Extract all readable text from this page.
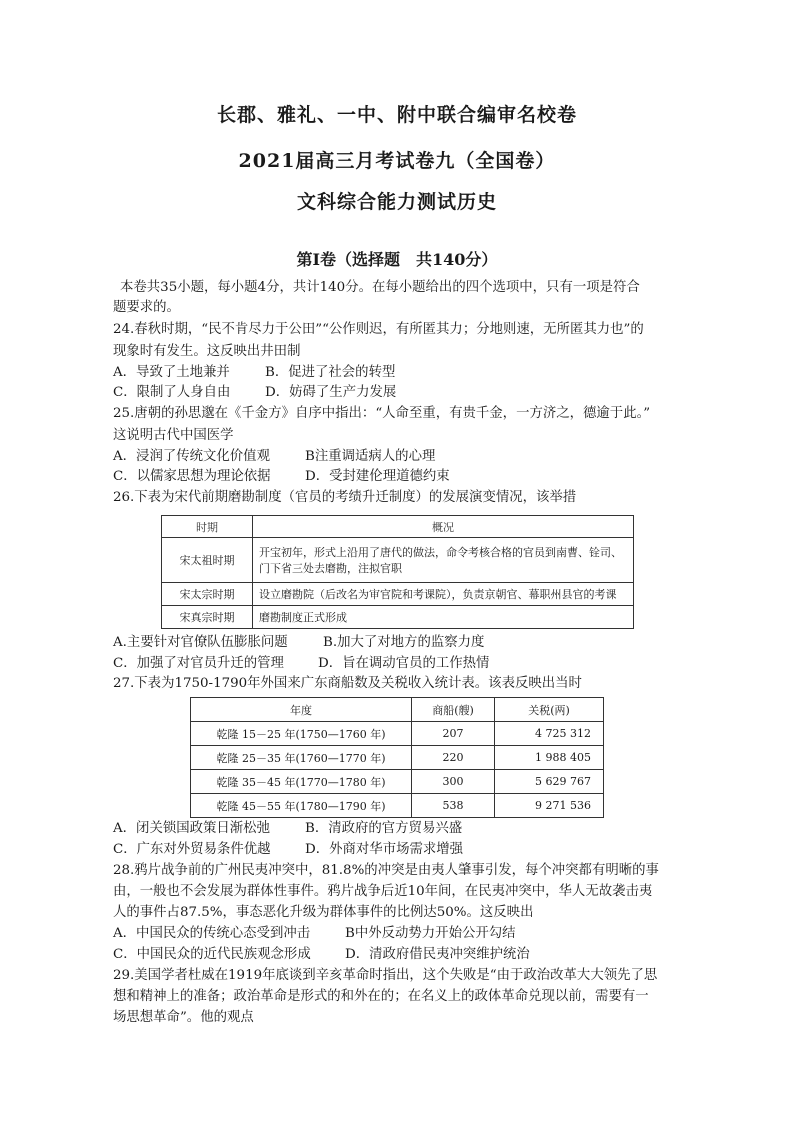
长郡、雅礼、一中、附中联合编审名校卷
2021届高三月考试卷九（全国卷）
文科综合能力测试历史
第Ⅰ卷（选择题　共140分）
本卷共35小题，每小题4分，共计140分。在每小题给出的四个选项中，只有一项是符合
题要求的。
24.春秋时期，“民不肯尽力于公田”“公作则迟，有所匿其力；分地则速，无所匿其力也”的
现象时有发生。这反映出井田制
A．导致了土地兼并	B．促进了社会的转型
C．限制了人身自由	D．妨碍了生产力发展
25.唐朝的孙思邈在《千金方》自序中指出：“人命至重，有贵千金，一方济之，德逾于此。”
这说明古代中国医学
A．浸润了传统文化价值观	B注重调适病人的心理
C．以儒家思想为理论依据	D．受封建伦理道德约束
26.下表为宋代前期磨勘制度（官员的考绩升迁制度）的发展演变情况，该举措
时期	概况
宋太祖时期	开宝初年，形式上沿用了唐代的做法，命令考核合格的官员到南曹、铨司、
门下省三处去磨勘，注拟官职

宋太宗时期	设立磨勘院（后改名为审官院和考课院），负责京朝官、幕职州县官的考课
宋真宗时期	磨勘制度正式形成
A.主要针对官僚队伍膨胀问题	B.加大了对地方的监察力度
C．加强了对官员升迁的管理	D．旨在调动官员的工作热情
27.下表为1750-1790年外国来广东商船数及关税收入统计表。该表反映出当时
年度	商船(艘)	关税(两)
乾隆 15－25 年(1750—1760 年)	207	4 725 312
乾隆 25－35 年(1760—1770 年)	220	1 988 405
乾隆 35－45 年(1770—1780 年)	300	5 629 767
乾隆 45－55 年(1780—1790 年)	538	9 271 536
A．闭关锁国政策日渐松弛	B．清政府的官方贸易兴盛
C．广东对外贸易条件优越	D．外商对华市场需求增强
28.鸦片战争前的广州民夷冲突中，81.8%的冲突是由夷人肇事引发，每个冲突都有明晰的事
由，一般也不会发展为群体性事件。鸦片战争后近10年间，在民夷冲突中，华人无故袭击夷
人的事件占87.5%，事态恶化升级为群体事件的比例达50%。这反映出
A．中国民众的传统心态受到冲击	B中外反动势力开始公开勾结
C．中国民众的近代民族观念形成	D．清政府借民夷冲突维护统治
29.美国学者杜威在1919年底谈到辛亥革命时指出，这个失败是“由于政治改革大大领先了思
想和精神上的准备；政治革命是形式的和外在的；在名义上的政体革命兑现以前，需要有一
场思想革命”。他的观点
